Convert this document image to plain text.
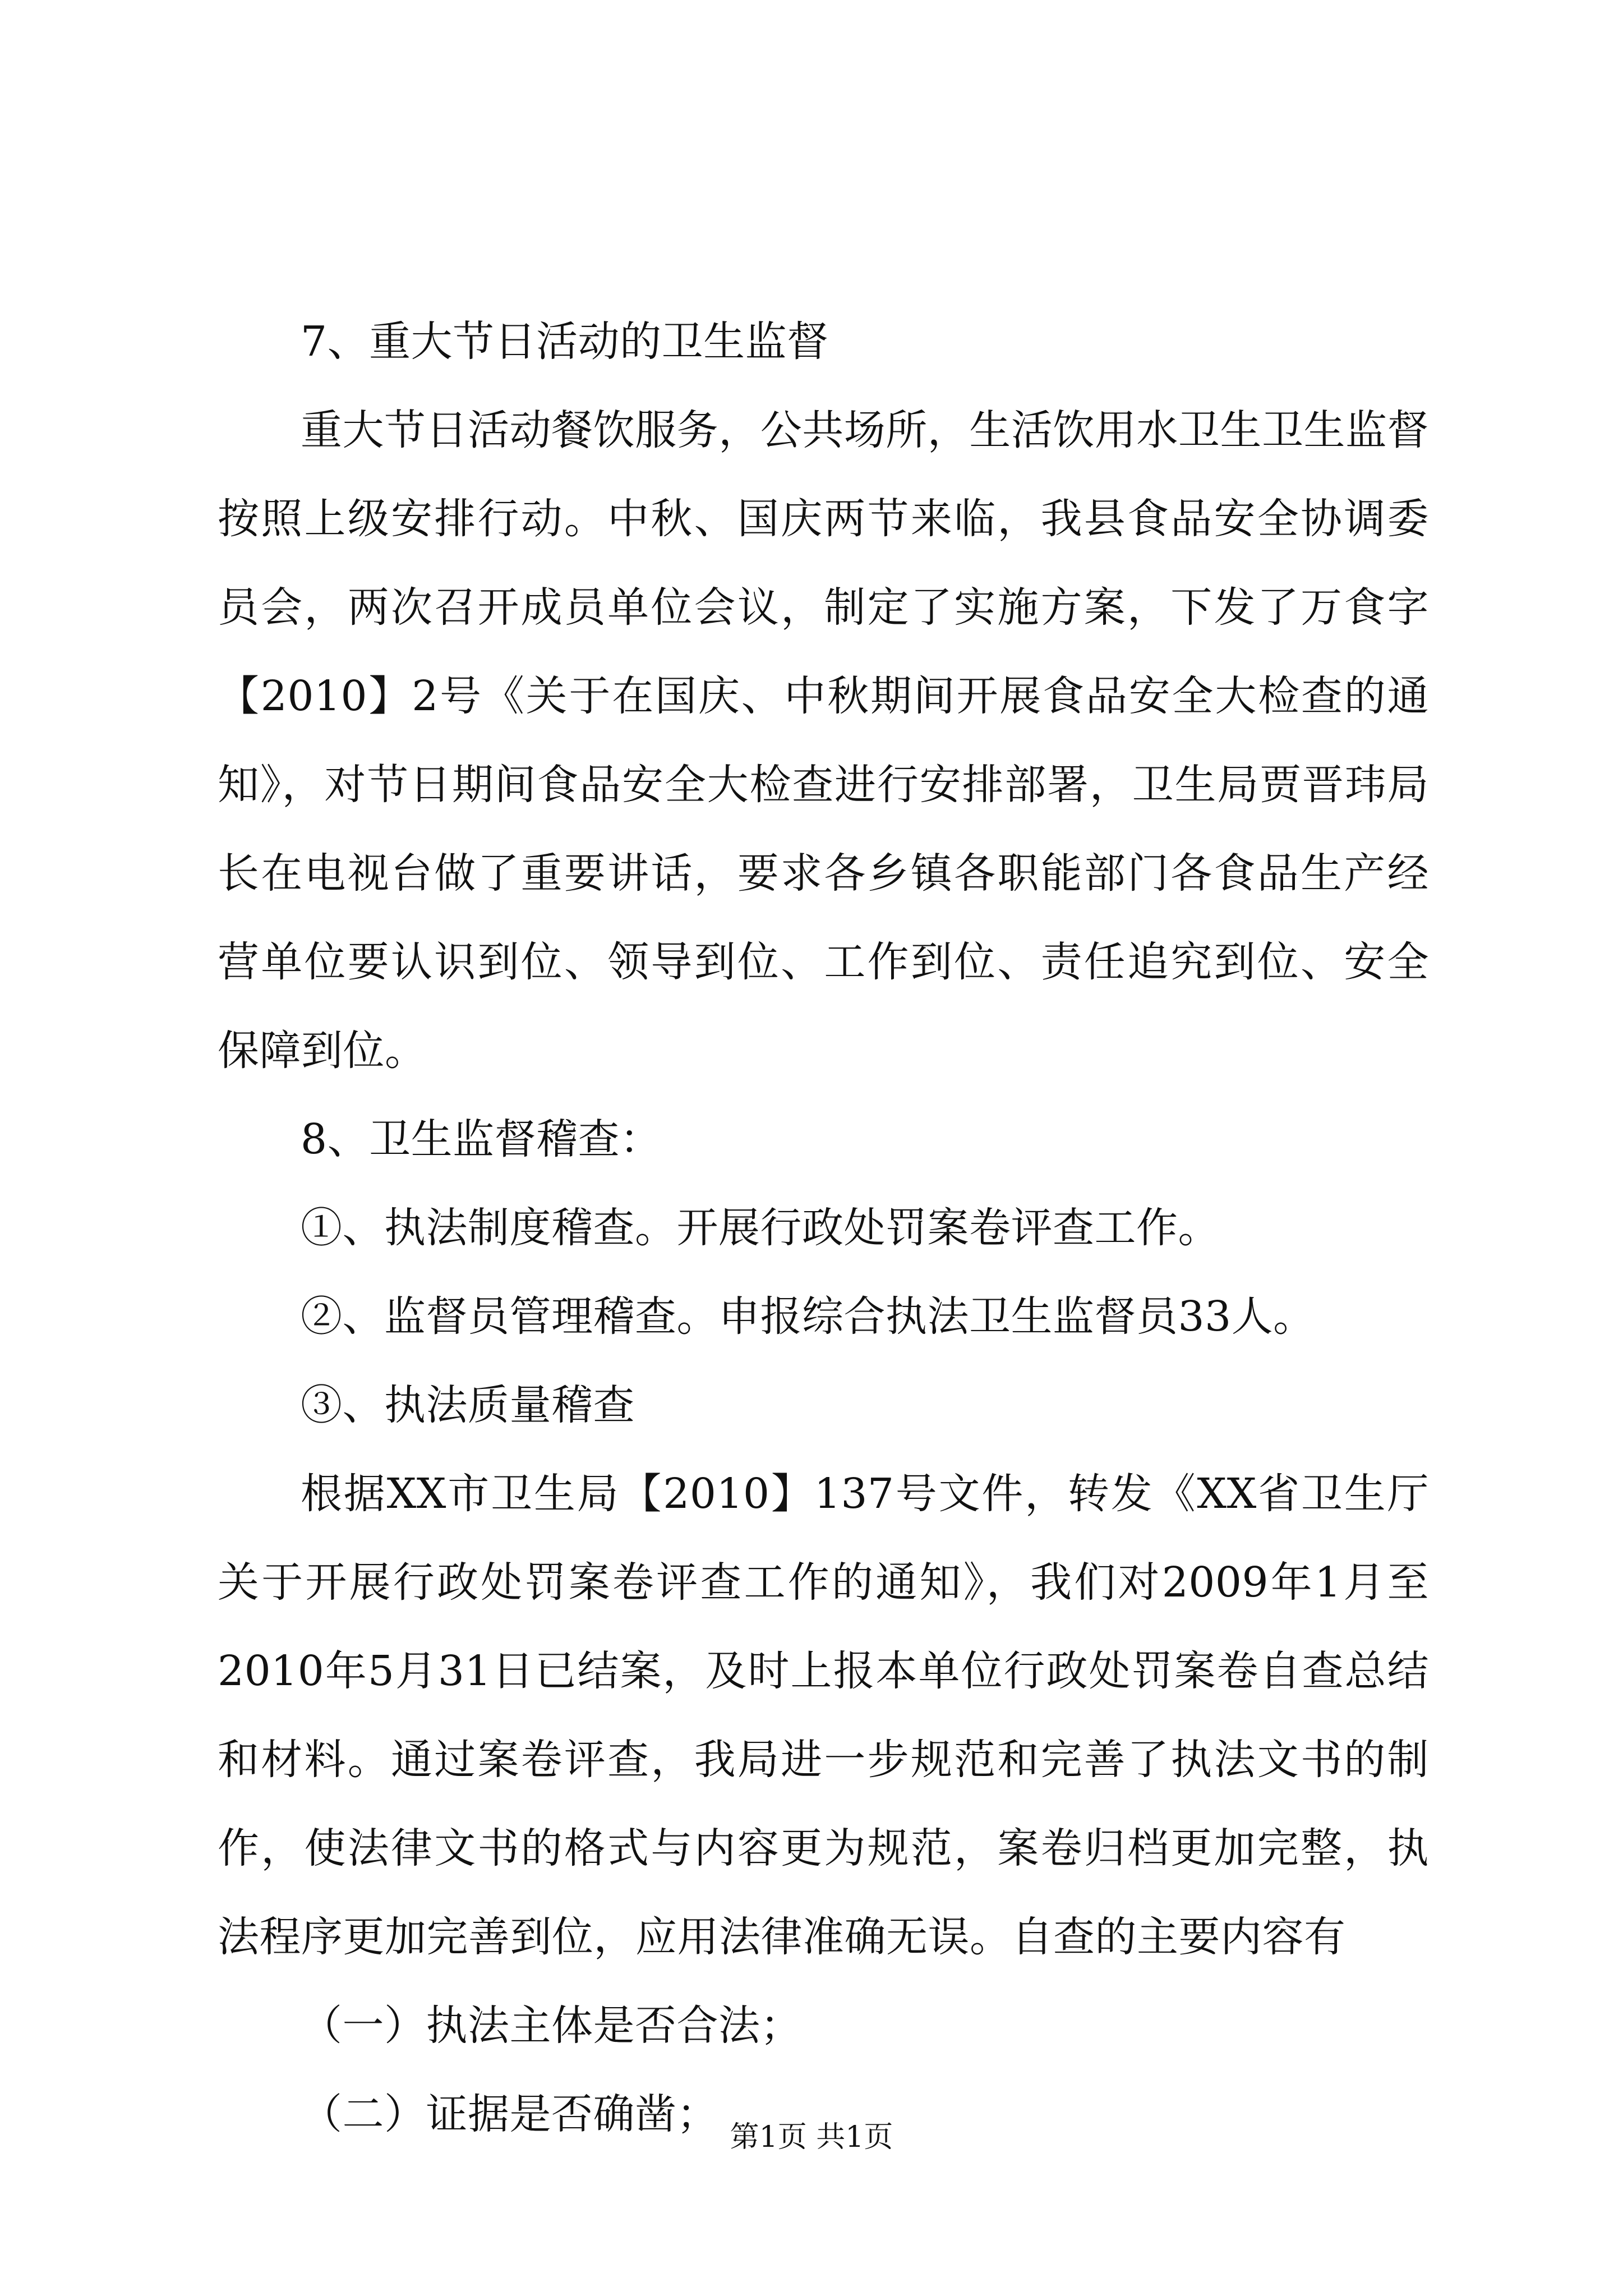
7、重大节日活动的卫生监督

重大节日活动餐饮服务，公共场所，生活饮用水卫生卫生监督按照上级安排行动。中秋、国庆两节来临，我县食品安全协调委员会，两次召开成员单位会议，制定了实施方案，下发了万食字【2010】2号《关于在国庆、中秋期间开展食品安全大检查的通知》，对节日期间食品安全大检查进行安排部署，卫生局贾晋玮局长在电视台做了重要讲话，要求各乡镇各职能部门各食品生产经营单位要认识到位、领导到位、工作到位、责任追究到位、安全保障到位。

8、卫生监督稽查：

①、执法制度稽查。开展行政处罚案卷评查工作。

②、监督员管理稽查。申报综合执法卫生监督员33人。

③、执法质量稽查

根据XX市卫生局【2010】137号文件，转发《XX省卫生厅关于开展行政处罚案卷评查工作的通知》，我们对2009年1月至2010年5月31日已结案，及时上报本单位行政处罚案卷自查总结和材料。通过案卷评查，我局进一步规范和完善了执法文书的制作，使法律文书的格式与内容更为规范，案卷归档更加完整，执法程序更加完善到位，应用法律准确无误。自查的主要内容有

（一）执法主体是否合法；

（二）证据是否确凿； 第1页 共1页
